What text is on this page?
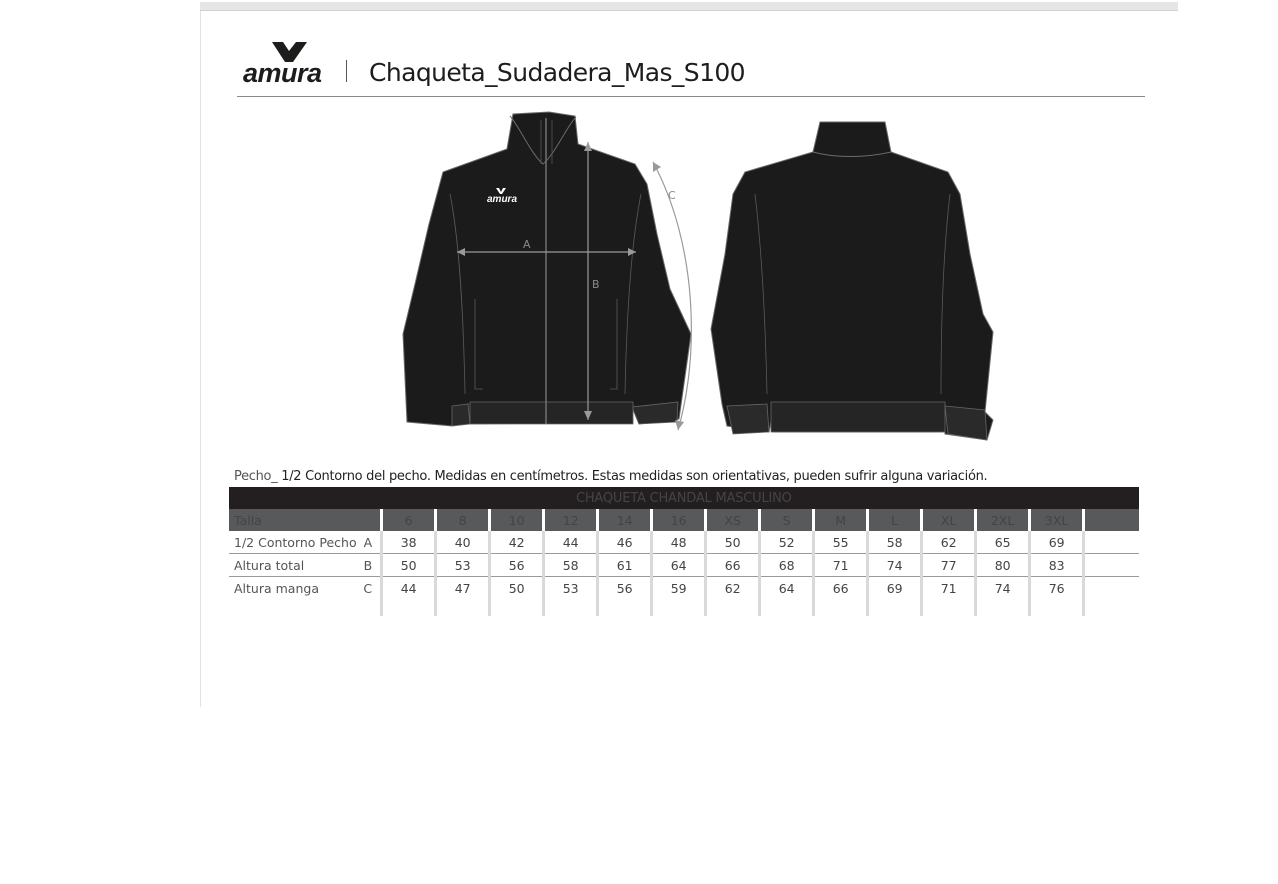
amura Chaqueta_Sudadera_Mas_S100
amura
A
B
C
Pecho_ 1/2 Contorno del pecho. Medidas en centímetros. Estas medidas son orientativas, pueden sufrir alguna variación.
CHAQUETA CHANDAL MASCULINO															
Talla		6	8	10	12	14	16	XS	S	M	L	XL	2XL	3XL	
1/2 Contorno Pecho	A	38	40	42	44	46	48	50	52	55	58	62	65	69	
Altura total	B	50	53	56	58	61	64	66	68	71	74	77	80	83	
Altura manga	C	44	47	50	53	56	59	62	64	66	69	71	74	76	
